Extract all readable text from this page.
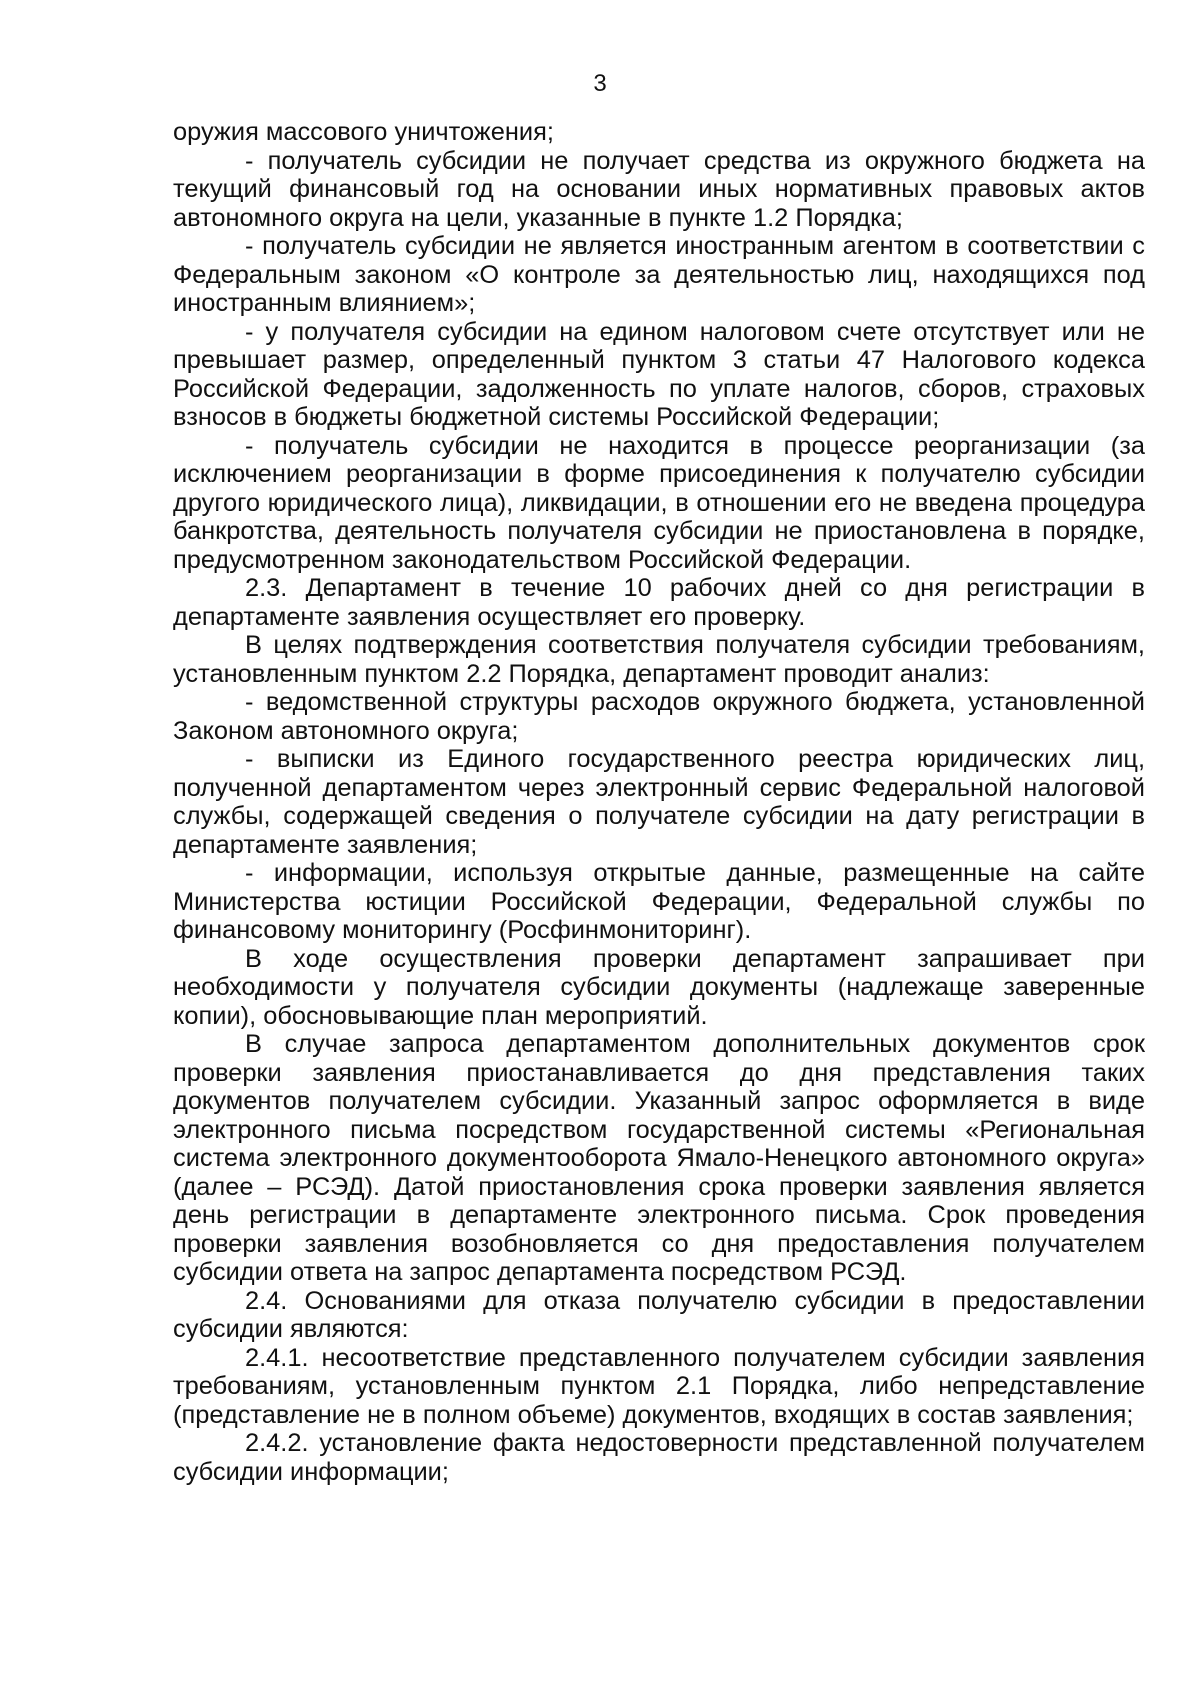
3

оружия массового уничтожения;

- получатель субсидии не получает средства из окружного бюджета на текущий финансовый год на основании иных нормативных правовых актов автономного округа на цели, указанные в пункте 1.2 Порядка;

- получатель субсидии не является иностранным агентом в соответствии с Федеральным законом «О контроле за деятельностью лиц, находящихся под иностранным влиянием»;

- у получателя субсидии на едином налоговом счете отсутствует или не превышает размер, определенный пунктом 3 статьи 47 Налогового кодекса Российской Федерации, задолженность по уплате налогов, сборов, страховых взносов в бюджеты бюджетной системы Российской Федерации;

- получатель субсидии не находится в процессе реорганизации (за исключением реорганизации в форме присоединения к получателю субсидии другого юридического лица), ликвидации, в отношении его не введена процедура банкротства, деятельность получателя субсидии не приостановлена в порядке, предусмотренном законодательством Российской Федерации.

2.3. Департамент в течение 10 рабочих дней со дня регистрации в департаменте заявления осуществляет его проверку.

В целях подтверждения соответствия получателя субсидии требованиям, установленным пунктом 2.2 Порядка, департамент проводит анализ:

- ведомственной структуры расходов окружного бюджета, установленной Законом автономного округа;

- выписки из Единого государственного реестра юридических лиц, полученной департаментом через электронный сервис Федеральной налоговой службы, содержащей сведения о получателе субсидии на дату регистрации в департаменте заявления;

- информации, используя открытые данные, размещенные на сайте Министерства юстиции Российской Федерации, Федеральной службы по финансовому мониторингу (Росфинмониторинг).

В ходе осуществления проверки департамент запрашивает при необходимости у получателя субсидии документы (надлежаще заверенные копии), обосновывающие план мероприятий.

В случае запроса департаментом дополнительных документов срок проверки заявления приостанавливается до дня представления таких документов получателем субсидии. Указанный запрос оформляется в виде электронного письма посредством государственной системы «Региональная система электронного документооборота Ямало-Ненецкого автономного округа» (далее – РСЭД). Датой приостановления срока проверки заявления является день регистрации в департаменте электронного письма. Срок проведения проверки заявления возобновляется со дня предоставления получателем субсидии ответа на запрос департамента посредством РСЭД.

2.4. Основаниями для отказа получателю субсидии в предоставлении субсидии являются:

2.4.1. несоответствие представленного получателем субсидии заявления требованиям, установленным пунктом 2.1 Порядка, либо непредставление (представление не в полном объеме) документов, входящих в состав заявления;

2.4.2. установление факта недостоверности представленной получателем субсидии информации;
